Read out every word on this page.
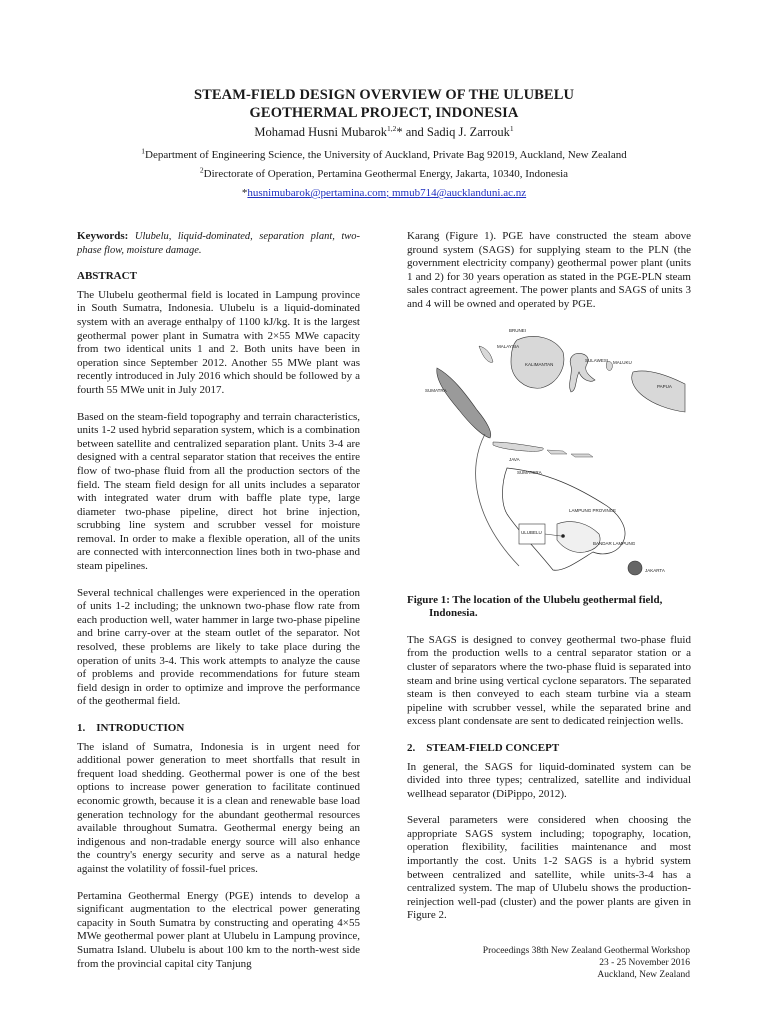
STEAM-FIELD DESIGN OVERVIEW OF THE ULUBELU
GEOTHERMAL PROJECT, INDONESIA
Mohamad Husni Mubarok$^{1,2}$* and Sadiq J. Zarrouk$^1$
$^1$Department of Engineering Science, the University of Auckland, Private Bag 92019, Auckland, New Zealand
$^2$Directorate of Operation, Pertamina Geothermal Energy, Jakarta, 10340, Indonesia
*husnimubarok@pertamina.com; mmub714@aucklanduni.ac.nz

Keywords: Ulubelu, liquid-dominated, separation plant, two-phase flow, moisture damage.

ABSTRACT

The Ulubelu geothermal field is located in Lampung province in South Sumatra, Indonesia. Ulubelu is a liquid-dominated system with an average enthalpy of 1100 kJ/kg. It is the largest geothermal power plant in Sumatra with 2×55 MWe capacity from two identical units 1 and 2. Both units have been in operation since September 2012. Another 55 MWe plant was recently introduced in July 2016 which should be followed by a fourth 55 MWe unit in July 2017.

Based on the steam-field topography and terrain characteristics, units 1-2 used hybrid separation system, which is a combination between satellite and centralized separation plant. Units 3-4 are designed with a central separator station that receives the entire flow of two-phase fluid from all the production sectors of the field. The steam field design for all units includes a separator with integrated water drum with baffle plate type, large diameter two-phase pipeline, direct hot brine injection, scrubbing line system and scrubber vessel for moisture removal. In order to make a flexible operation, all of the units are connected with interconnection lines both in two-phase and steam pipelines.

Several technical challenges were experienced in the operation of units 1-2 including; the unknown two-phase flow rate from each production well, water hammer in large two-phase pipeline and brine carry-over at the steam outlet of the separator. Not resolved, these problems are likely to take place during the operation of units 3-4. This work attempts to analyze the cause of problems and provide recommendations for future steam field design in order to optimize and improve the performance of the geothermal field.

1.    INTRODUCTION

The island of Sumatra, Indonesia is in urgent need for additional power generation to meet shortfalls that result in frequent load shedding. Geothermal power is one of the best options to increase power generation to facilitate continued economic growth, because it is a clean and renewable base load generation technology for the abundant geothermal resources available throughout Sumatra. Geothermal energy being an indigenous and non-tradable energy source will also enhance the country's energy security and serve as a natural hedge against the volatility of fossil-fuel prices.

Pertamina Geothermal Energy (PGE) intends to develop a significant augmentation to the electrical power generating capacity in South Sumatra by constructing and operating 4×55 MWe geothermal power plant at Ulubelu in Lampung province, Sumatra Island. Ulubelu is about 100 km to the north-west side from the provincial capital city Tanjung

Karang (Figure 1). PGE have constructed the steam above ground system (SAGS) for supplying steam to the PLN (the government electricity company) geothermal power plant (units 1 and 2) for 30 years operation as stated in the PGE-PLN steam sales contract agreement. The power plants and SAGS of units 3 and 4 will be owned and operated by PGE.

BRUNEI
MALAYSIA
KALIMANTAN
SULAWESI MALUKU
PAPUA
SUMATRA
JAVA
SUMATERA
LAMPUNG PROVINCE
ULUBELU
BANDAR LAMPUNG
JAKARTA
Figure 1: The location of the Ulubelu geothermal field,
Indonesia.

The SAGS is designed to convey geothermal two-phase fluid from the production wells to a central separator station or a cluster of separators where the two-phase fluid is separated into steam and brine using vertical cyclone separators. The separated steam is then conveyed to each steam turbine via a steam pipeline with scrubber vessel, while the separated brine and excess plant condensate are sent to dedicated reinjection wells.

2.    STEAM-FIELD CONCEPT

In general, the SAGS for liquid-dominated system can be divided into three types; centralized, satellite and individual wellhead separator (DiPippo, 2012).

Several parameters were considered when choosing the appropriate SAGS system including; topography, location, operation flexibility, facilities maintenance and most importantly the cost. Units 1-2 SAGS is a hybrid system between centralized and satellite, while units-3-4 has a centralized system. The map of Ulubelu shows the production-reinjection well-pad (cluster) and the power plants are given in Figure 2.

Proceedings 38th New Zealand Geothermal Workshop
23 - 25 November 2016
Auckland, New Zealand
